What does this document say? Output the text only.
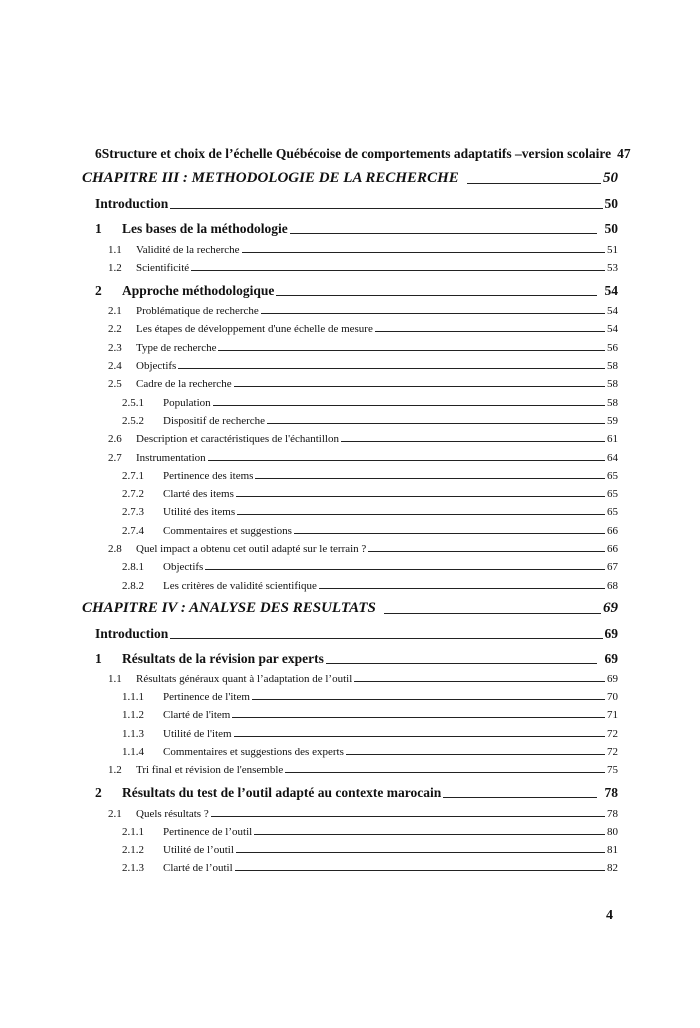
6 Structure et choix de l’échelle Québécoise de comportements adaptatifs –version scolaire 47
CHAPITRE III : METHODOLOGIE DE LA RECHERCHE	50
Introduction	50
1	Les bases de la méthodologie	50
1.1	Validité de la recherche	51
1.2	Scientificité	53
2	Approche méthodologique	54
2.1	Problématique de recherche	54
2.2	Les étapes de développement d'une échelle de mesure	54
2.3	Type de recherche	56
2.4	Objectifs	58
2.5	Cadre de la recherche	58
2.5.1	Population	58
2.5.2	Dispositif de recherche	59
2.6	Description et caractéristiques de l'échantillon	61
2.7	Instrumentation	64
2.7.1	Pertinence des items	65
2.7.2	Clarté des items	65
2.7.3	Utilité des items	65
2.7.4	Commentaires et suggestions	66
2.8	Quel impact a obtenu cet outil adapté sur le terrain ?	66
2.8.1	Objectifs	67
2.8.2	Les critères de validité scientifique	68
CHAPITRE IV : ANALYSE DES RESULTATS	69
Introduction	69
1	Résultats de la révision par experts	69
1.1	Résultats généraux quant à l’adaptation de l’outil	69
1.1.1	Pertinence de l'item	70
1.1.2	Clarté de l'item	71
1.1.3	Utilité de l'item	72
1.1.4	Commentaires et suggestions des experts	72
1.2	Tri final et révision de l'ensemble	75
2	Résultats du test de l’outil adapté au contexte marocain	78
2.1	Quels résultats ?	78
2.1.1	Pertinence de l’outil	80
2.1.2	Utilité de l’outil	81
2.1.3	Clarté de l’outil	82
4
